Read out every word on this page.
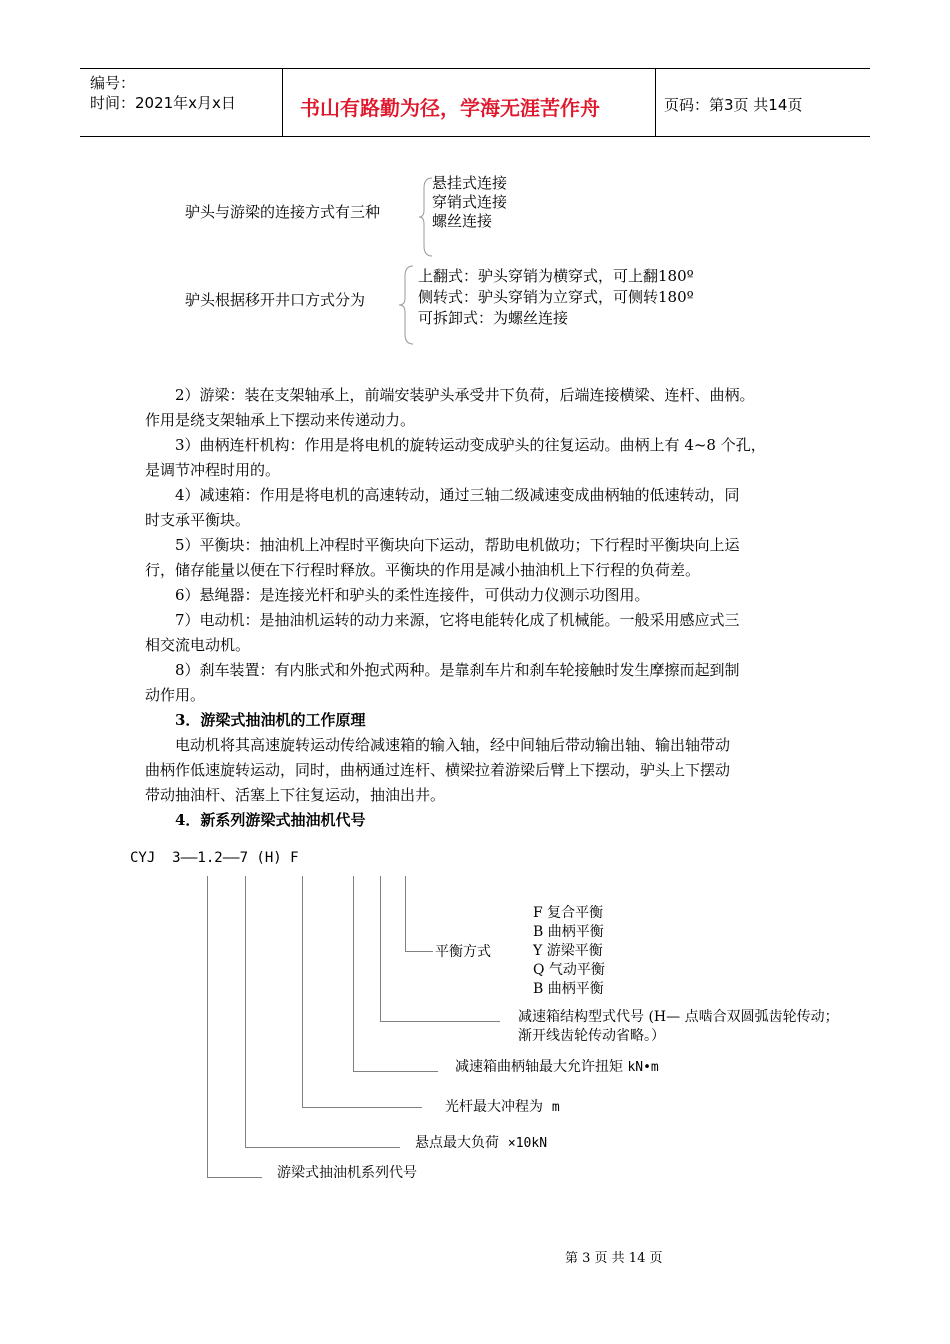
编号：
时间：2021年x月x日	书山有路勤为径，学海无涯苦作舟	页码：第3页 共14页
驴头与游梁的连接方式有三种
悬挂式连接
穿销式连接
螺丝连接
驴头根据移开井口方式分为
上翻式：驴头穿销为横穿式，可上翻180º
侧转式：驴头穿销为立穿式，可侧转180º
可拆卸式：为螺丝连接
2）游梁：装在支架轴承上，前端安装驴头承受井下负荷，后端连接横梁、连杆、曲柄。
作用是绕支架轴承上下摆动来传递动力。
3）曲柄连杆机构：作用是将电机的旋转运动变成驴头的往复运动。曲柄上有 4~8 个孔，
是调节冲程时用的。
4）减速箱：作用是将电机的高速转动，通过三轴二级减速变成曲柄轴的低速转动，同
时支承平衡块。
5）平衡块：抽油机上冲程时平衡块向下运动，帮助电机做功；下行程时平衡块向上运
行，储存能量以便在下行程时释放。平衡块的作用是减小抽油机上下行程的负荷差。
6）悬绳器：是连接光杆和驴头的柔性连接件，可供动力仪测示功图用。
7）电动机：是抽油机运转的动力来源，它将电能转化成了机械能。一般采用感应式三
相交流电动机。
8）刹车装置：有内胀式和外抱式两种。是靠刹车片和刹车轮接触时发生摩擦而起到制
动作用。
3．游梁式抽油机的工作原理
电动机将其高速旋转运动传给减速箱的输入轴，经中间轴后带动输出轴、输出轴带动
曲柄作低速旋转运动，同时，曲柄通过连杆、横梁拉着游梁后臂上下摆动，驴头上下摆动
带动抽油杆、活塞上下往复运动，抽油出井。
4．新系列游梁式抽油机代号
CYJ  3——1.2——7 (H) F
平衡方式
F 复合平衡
B 曲柄平衡
Y 游梁平衡
Q 气动平衡
B 曲柄平衡
减速箱结构型式代号 (H— 点啮合双圆弧齿轮传动；
渐开线齿轮传动省略。）
减速箱曲柄轴最大允许扭矩 kN•m
光杆最大冲程为 m
悬点最大负荷 ×10kN
游梁式抽油机系列代号
第 3 页 共 14 页
